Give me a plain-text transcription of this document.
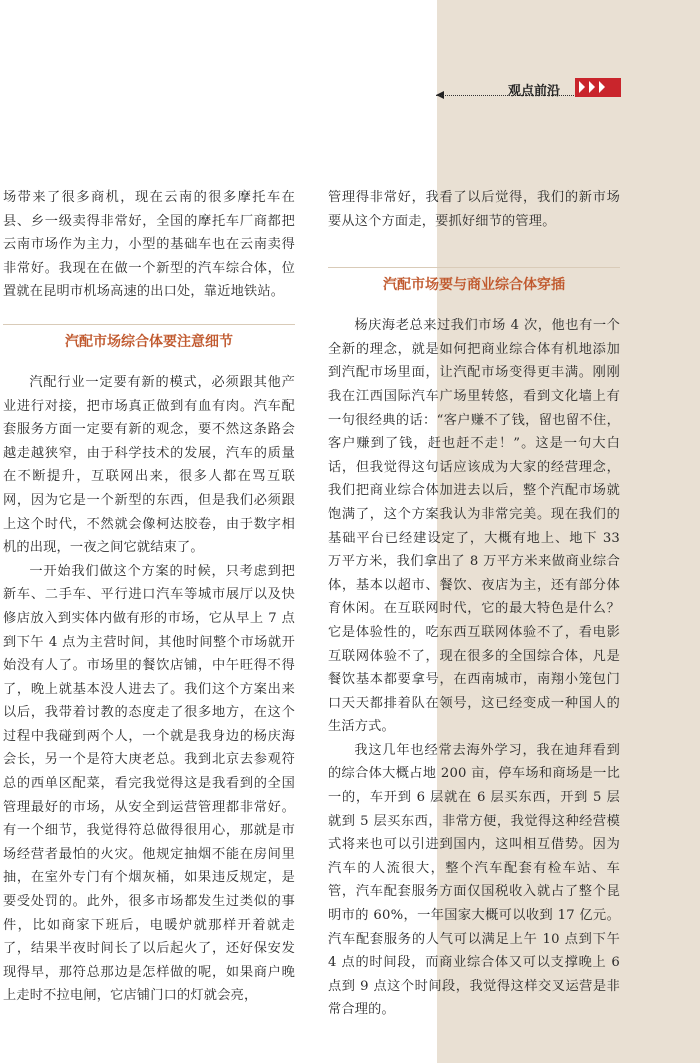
观点前沿

场带来了很多商机，现在云南的很多摩托车在县、乡一级卖得非常好，全国的摩托车厂商都把云南市场作为主力，小型的基础车也在云南卖得非常好。我现在在做一个新型的汽车综合体，位置就在昆明市机场高速的出口处，靠近地铁站。

汽配市场综合体要注意细节

汽配行业一定要有新的模式，必须跟其他产业进行对接，把市场真正做到有血有肉。汽车配套服务方面一定要有新的观念，要不然这条路会越走越狭窄，由于科学技术的发展，汽车的质量在不断提升，互联网出来，很多人都在骂互联网，因为它是一个新型的东西，但是我们必须跟上这个时代，不然就会像柯达胶卷，由于数字相机的出现，一夜之间它就结束了。

一开始我们做这个方案的时候，只考虑到把新车、二手车、平行进口汽车等城市展厅以及快修店放入到实体内做有形的市场，它从早上 7 点到下午 4 点为主营时间，其他时间整个市场就开始没有人了。市场里的餐饮店铺，中午旺得不得了，晚上就基本没人进去了。我们这个方案出来以后，我带着讨教的态度走了很多地方，在这个过程中我碰到两个人，一个就是我身边的杨庆海会长，另一个是符大庚老总。我到北京去参观符总的西单区配菜，看完我觉得这是我看到的全国管理最好的市场，从安全到运营管理都非常好。有一个细节，我觉得符总做得很用心，那就是市场经营者最怕的火灾。他规定抽烟不能在房间里抽，在室外专门有个烟灰桶，如果违反规定，是要受处罚的。此外，很多市场都发生过类似的事件，比如商家下班后，电暖炉就那样开着就走了，结果半夜时间长了以后起火了，还好保安发现得早，那符总那边是怎样做的呢，如果商户晚上走时不拉电闸，它店铺门口的灯就会亮，

管理得非常好，我看了以后觉得，我们的新市场要从这个方面走，要抓好细节的管理。

汽配市场要与商业综合体穿插

杨庆海老总来过我们市场 4 次，他也有一个全新的理念，就是如何把商业综合体有机地添加到汽配市场里面，让汽配市场变得更丰满。刚刚我在江西国际汽车广场里转悠，看到文化墙上有一句很经典的话：“客户赚不了钱，留也留不住，客户赚到了钱，赶也赶不走！”。这是一句大白话，但我觉得这句话应该成为大家的经营理念，我们把商业综合体加进去以后，整个汽配市场就饱满了，这个方案我认为非常完美。现在我们的基础平台已经建设定了，大概有地上、地下 33 万平方米，我们拿出了 8 万平方米来做商业综合体，基本以超市、餐饮、夜店为主，还有部分体育休闲。在互联网时代，它的最大特色是什么？它是体验性的，吃东西互联网体验不了，看电影互联网体验不了，现在很多的全国综合体，凡是餐饮基本都要拿号，在西南城市，南翔小笼包门口天天都排着队在领号，这已经变成一种国人的生活方式。

我这几年也经常去海外学习，我在迪拜看到的综合体大概占地 200 亩，停车场和商场是一比一的，车开到 6 层就在 6 层买东西，开到 5 层就到 5 层买东西，非常方便，我觉得这种经营模式将来也可以引进到国内，这叫相互借势。因为汽车的人流很大，整个汽车配套有检车站、车管，汽车配套服务方面仅国税收入就占了整个昆明市的 60%，一年国家大概可以收到 17 亿元。汽车配套服务的人气可以满足上午 10 点到下午 4 点的时间段，而商业综合体又可以支撑晚上 6 点到 9 点这个时间段，我觉得这样交叉运营是非常合理的。
